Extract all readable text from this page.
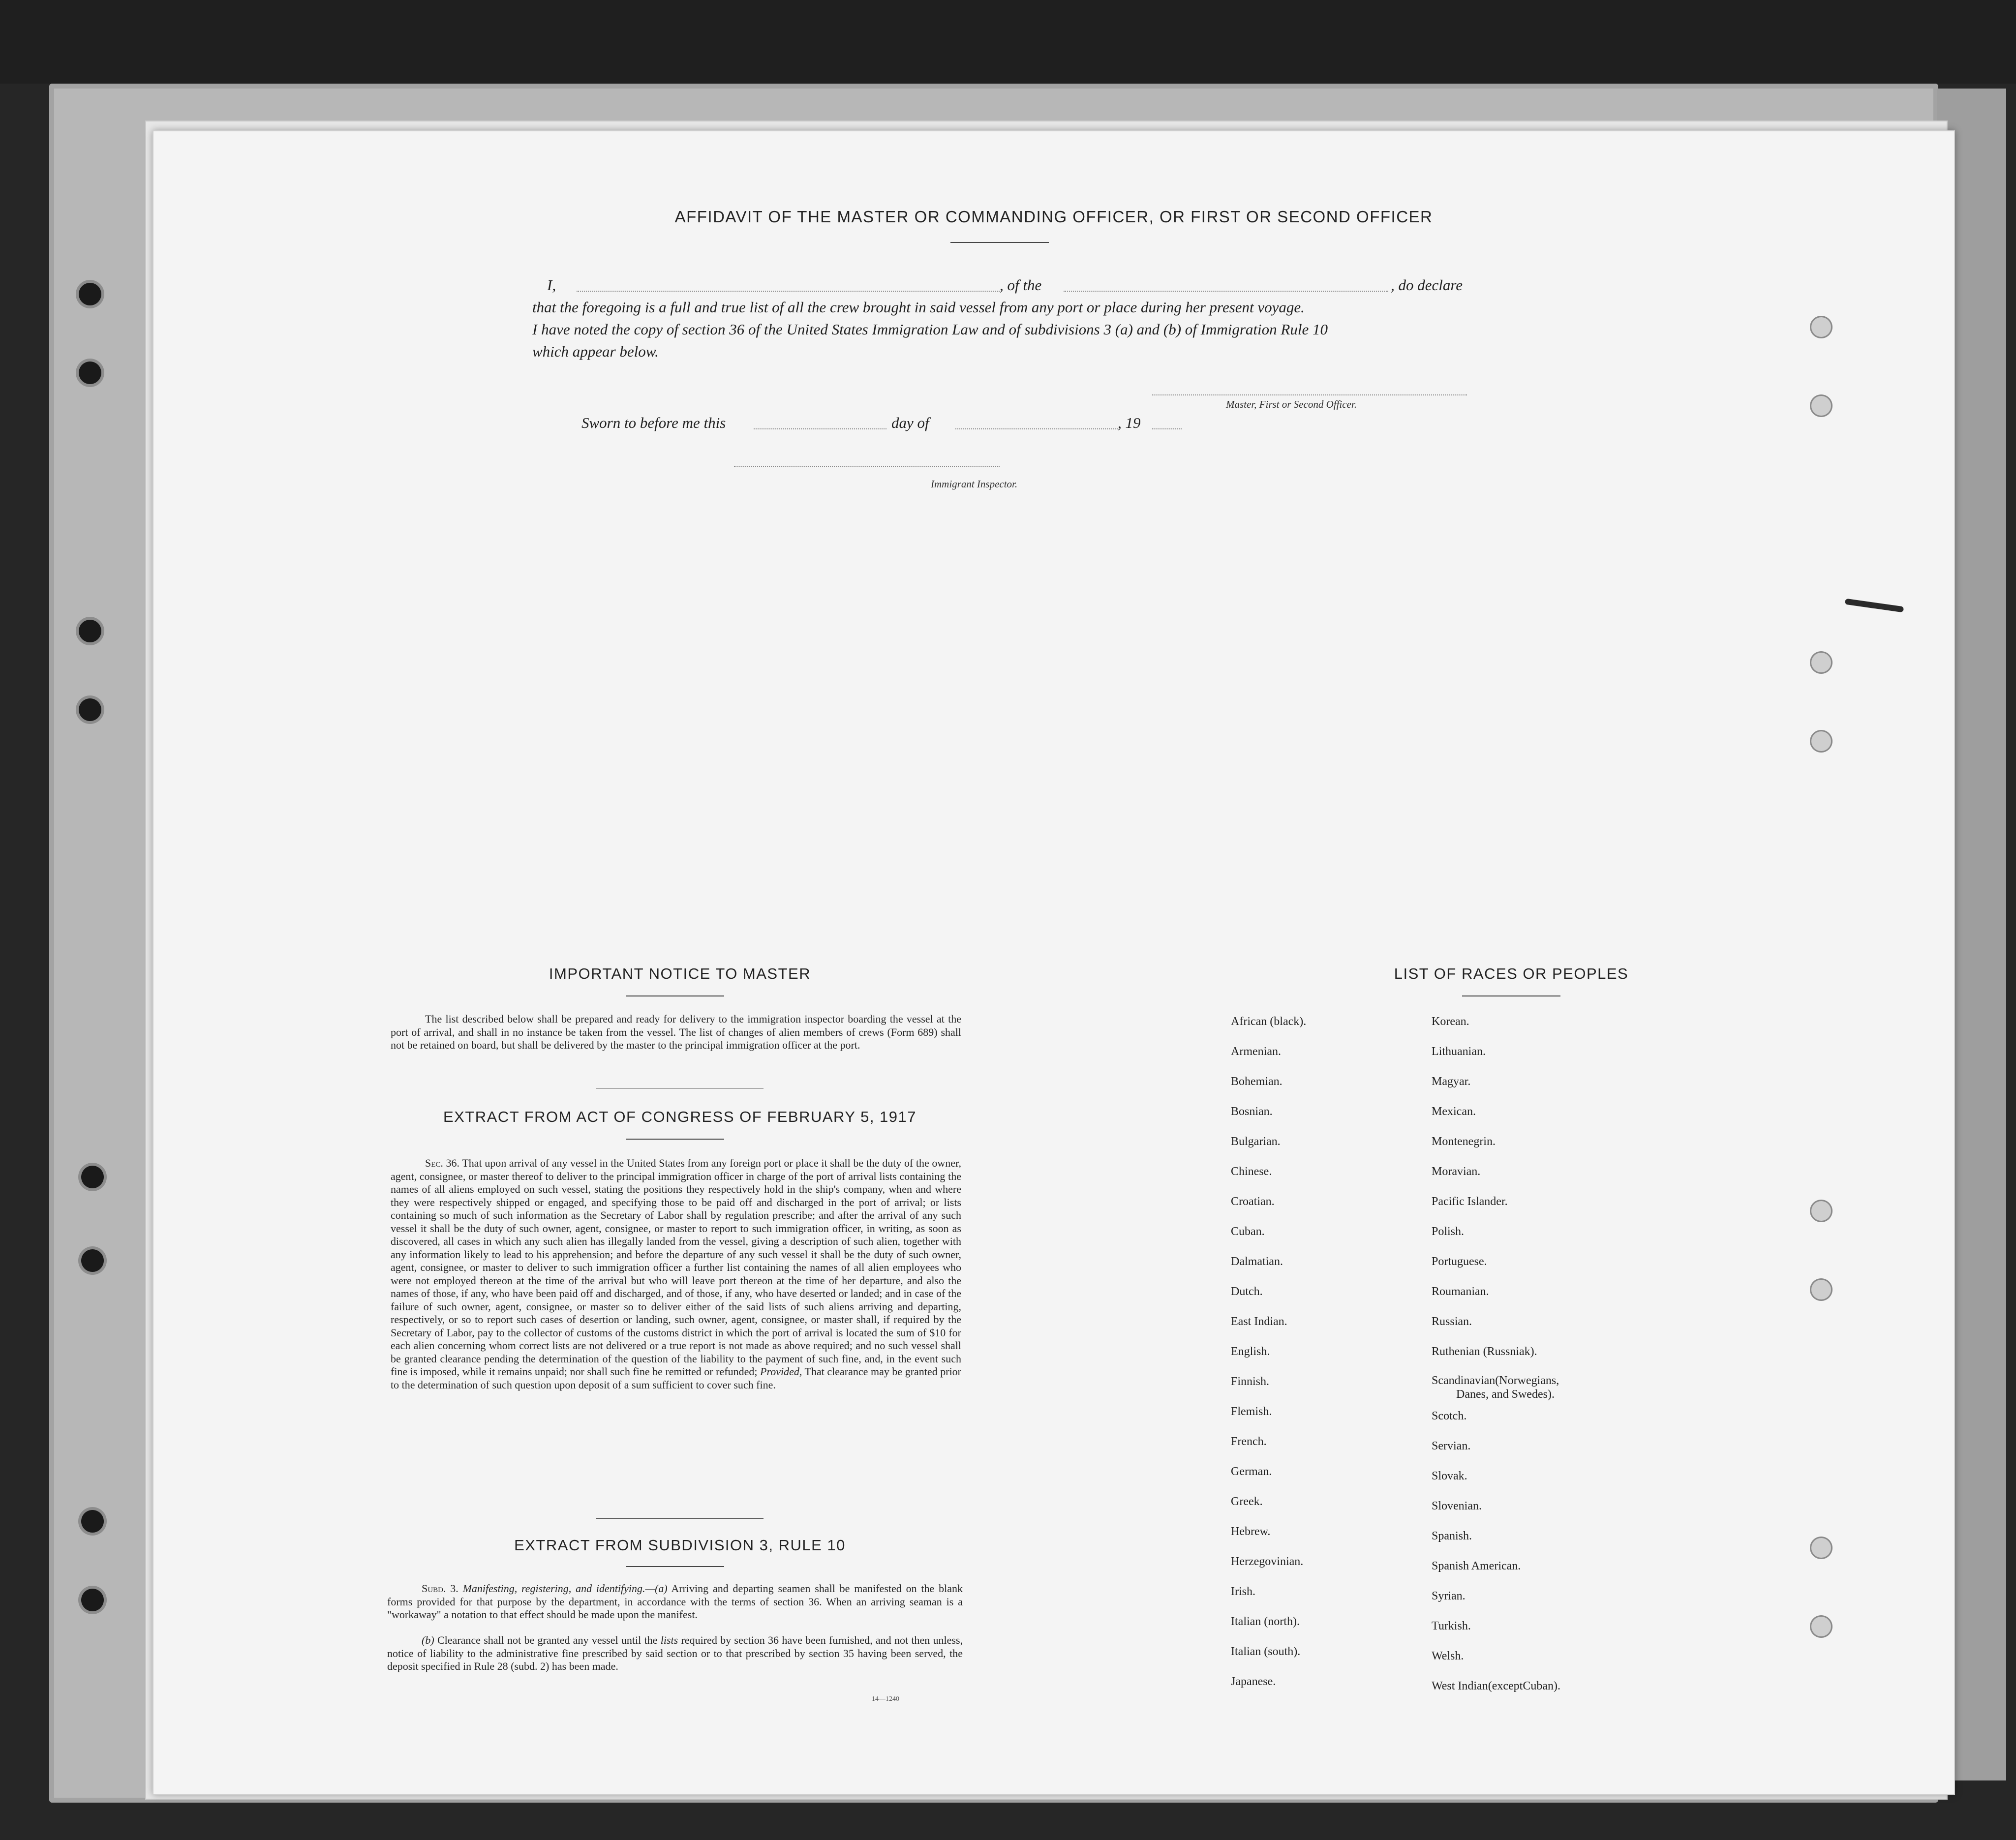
AFFIDAVIT OF THE MASTER OR COMMANDING OFFICER, OR FIRST OR SECOND OFFICER
I,	, of the	, do declare
that the foregoing is a full and true list of all the crew brought in said vessel from any port or place during her present voyage.
I have noted the copy of section 36 of the United States Immigration Law and of subdivisions 3 (a) and (b) of Immigration Rule 10
which appear below.
Master, First or Second Officer.
Sworn to before me this	day of	, 19
Immigrant Inspector.
IMPORTANT NOTICE TO MASTER
The list described below shall be prepared and ready for delivery to the immigration inspector boarding the vessel at the port of arrival, and shall in no instance be taken from the vessel. The list of changes of alien members of crews (Form 689) shall not be retained on board, but shall be delivered by the master to the principal immigration officer at the port.
EXTRACT FROM ACT OF CONGRESS OF FEBRUARY 5, 1917
Sec. 36. That upon arrival of any vessel in the United States from any foreign port or place it shall be the duty of the owner, agent, consignee, or master thereof to deliver to the principal immigration officer in charge of the port of arrival lists containing the names of all aliens employed on such vessel, stating the positions they respectively hold in the ship's company, when and where they were respectively shipped or engaged, and specifying those to be paid off and discharged in the port of arrival; or lists containing so much of such information as the Secretary of Labor shall by regulation prescribe; and after the arrival of any such vessel it shall be the duty of such owner, agent, consignee, or master to report to such immigration officer, in writing, as soon as discovered, all cases in which any such alien has illegally landed from the vessel, giving a description of such alien, together with any information likely to lead to his apprehension; and before the departure of any such vessel it shall be the duty of such owner, agent, consignee, or master to deliver to such immigration officer a further list containing the names of all alien employees who were not employed thereon at the time of the arrival but who will leave port thereon at the time of her departure, and also the names of those, if any, who have been paid off and discharged, and of those, if any, who have deserted or landed; and in case of the failure of such owner, agent, consignee, or master so to deliver either of the said lists of such aliens arriving and departing, respectively, or so to report such cases of desertion or landing, such owner, agent, consignee, or master shall, if required by the Secretary of Labor, pay to the collector of customs of the customs district in which the port of arrival is located the sum of $10 for each alien concerning whom correct lists are not delivered or a true report is not made as above required; and no such vessel shall be granted clearance pending the determination of the question of the liability to the payment of such fine, and, in the event such fine is imposed, while it remains unpaid; nor shall such fine be remitted or refunded; Provided, That clearance may be granted prior to the determination of such question upon deposit of a sum sufficient to cover such fine.
EXTRACT FROM SUBDIVISION 3, RULE 10
Subd. 3. Manifesting, registering, and identifying.—(a) Arriving and departing seamen shall be manifested on the blank forms provided for that purpose by the department, in accordance with the terms of section 36. When an arriving seaman is a "workaway" a notation to that effect should be made upon the manifest.
(b) Clearance shall not be granted any vessel until the lists required by section 36 have been furnished, and not then unless, notice of liability to the administrative fine prescribed by said section or to that prescribed by section 35 having been served, the deposit specified in Rule 28 (subd. 2) has been made.
14—1240
LIST OF RACES OR PEOPLES
African (black).
Armenian.
Bohemian.
Bosnian.
Bulgarian.
Chinese.
Croatian.
Cuban.
Dalmatian.
Dutch.
East Indian.
English.
Finnish.
Flemish.
French.
German.
Greek.
Hebrew.
Herzegovinian.
Irish.
Italian (north).
Italian (south).
Japanese.
Korean.
Lithuanian.
Magyar.
Mexican.
Montenegrin.
Moravian.
Pacific Islander.
Polish.
Portuguese.
Roumanian.
Russian.
Ruthenian (Russniak).
Scandinavian(Norwegians,
Danes, and Swedes).
Scotch.
Servian.
Slovak.
Slovenian.
Spanish.
Spanish American.
Syrian.
Turkish.
Welsh.
West Indian(exceptCuban).
